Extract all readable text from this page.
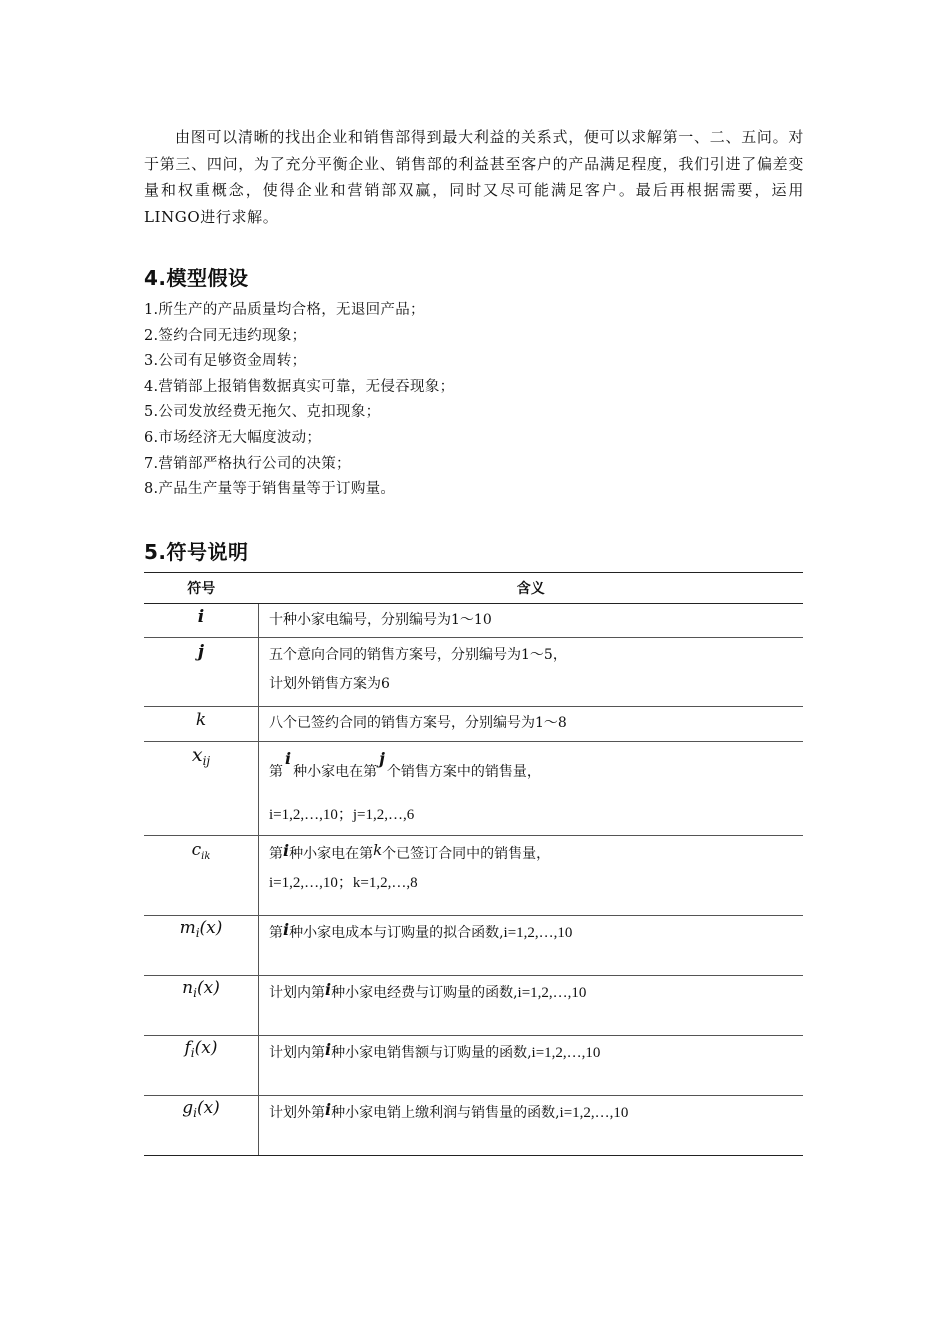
由图可以清晰的找出企业和销售部得到最大利益的关系式，便可以求解第一、二、五问。对于第三、四问，为了充分平衡企业、销售部的利益甚至客户的产品满足程度，我们引进了偏差变量和权重概念，使得企业和营销部双赢，同时又尽可能满足客户。最后再根据需要，运用LINGO进行求解。

4.模型假设
1.所生产的产品质量均合格，无退回产品；
2.签约合同无违约现象；
3.公司有足够资金周转；
4.营销部上报销售数据真实可靠，无侵吞现象；
5.公司发放经费无拖欠、克扣现象；
6.市场经济无大幅度波动；
7.营销部严格执行公司的决策；
8.产品生产量等于销售量等于订购量。
5.符号说明
符号	含义
i	十种小家电编号，分别编号为1～10
j	五个意向合同的销售方案号，分别编号为1～5，
计划外销售方案为6

k	八个已签约合同的销售方案号，分别编号为1～8
xij	第i种小家电在第j个销售方案中的销售量，
i=1,2,…,10；j=1,2,…,6

$c_{ik}$	第i种小家电在第k个已签订合同中的销售量，
i=1,2,…,10；k=1,2,…,8

mi(x)	第i种小家电成本与订购量的拟合函数,i=1,2,…,10
ni(x)	计划内第i种小家电经费与订购量的函数,i=1,2,…,10
fi(x)	计划内第i种小家电销售额与订购量的函数,i=1,2,…,10
gi(x)	计划外第i种小家电销上缴利润与销售量的函数,i=1,2,…,10
